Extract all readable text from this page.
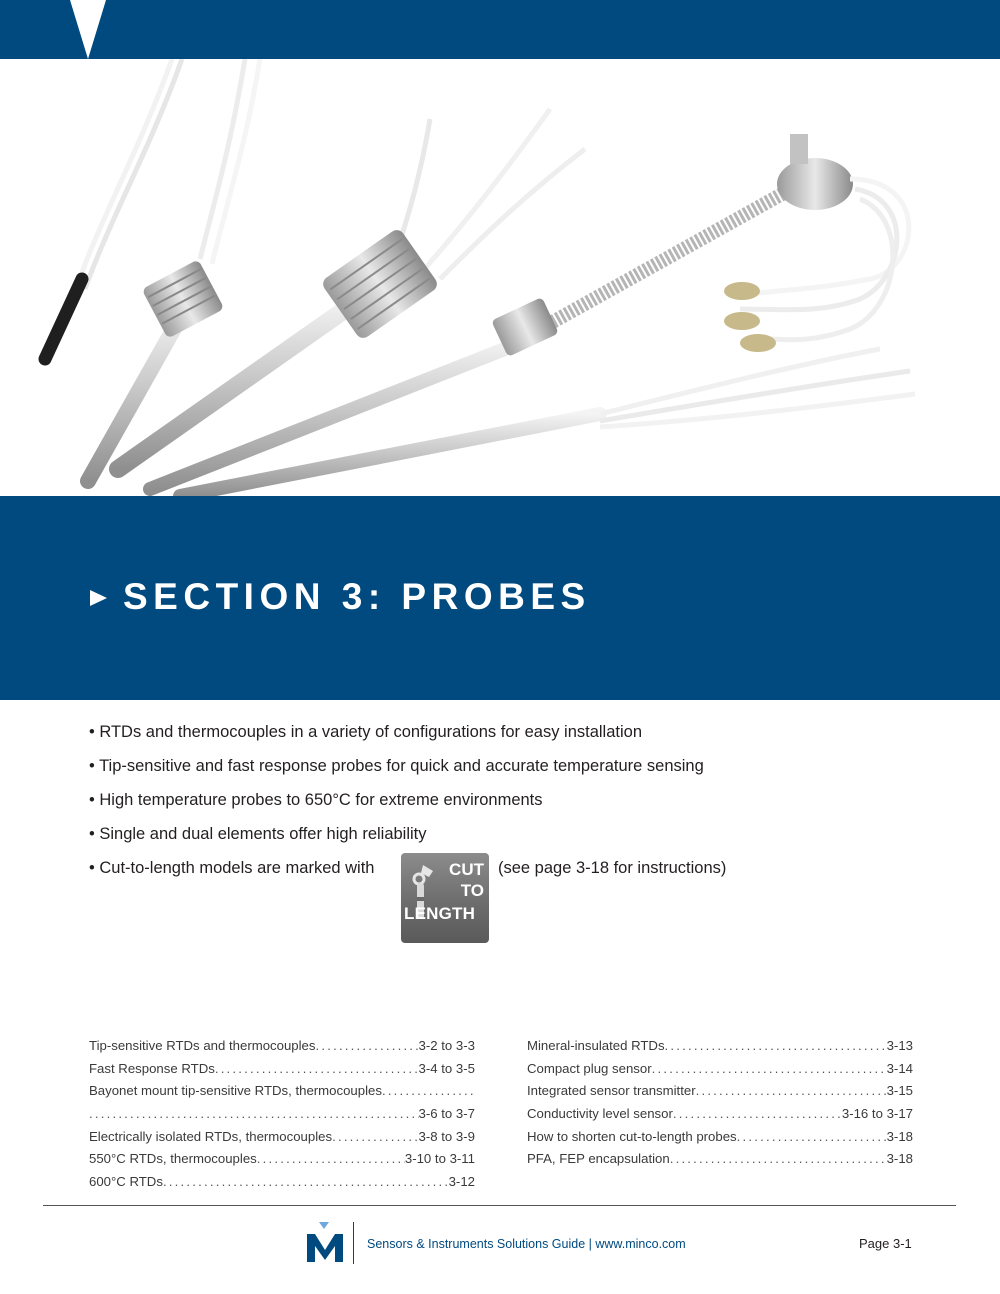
SECTION 3: PROBES
• RTDs and thermocouples in a variety of configurations for easy installation
• Tip-sensitive and fast response probes for quick and accurate temperature sensing
• High temperature probes to 650°C for extreme environments
• Single and dual elements offer high reliability
• Cut-to-length models are marked with	CUT
TO
LENGTH
(see page 3-18 for instructions)
Tip-sensitive RTDs and thermocouples .....	3-2 to 3-3
Fast Response RTDs .....	3-4 to 3-5
Bayonet mount tip-sensitive RTDs, thermocouples
.....
.....
3-6 to 3-7
Electrically isolated RTDs, thermocouples .....	3-8 to 3-9
550°C RTDs, thermocouples .....	3-10 to 3-11
600°C RTDs .....	3-12
Mineral-insulated RTDs .....	3-13
Compact plug sensor .....	3-14
Integrated sensor transmitter .....	3-15
Conductivity level sensor .....	3-16 to 3-17
How to shorten cut-to-length probes .....	3-18
PFA, FEP encapsulation .....	3-18
Sensors & Instruments Solutions Guide | www.minco.com	Page 3-1
